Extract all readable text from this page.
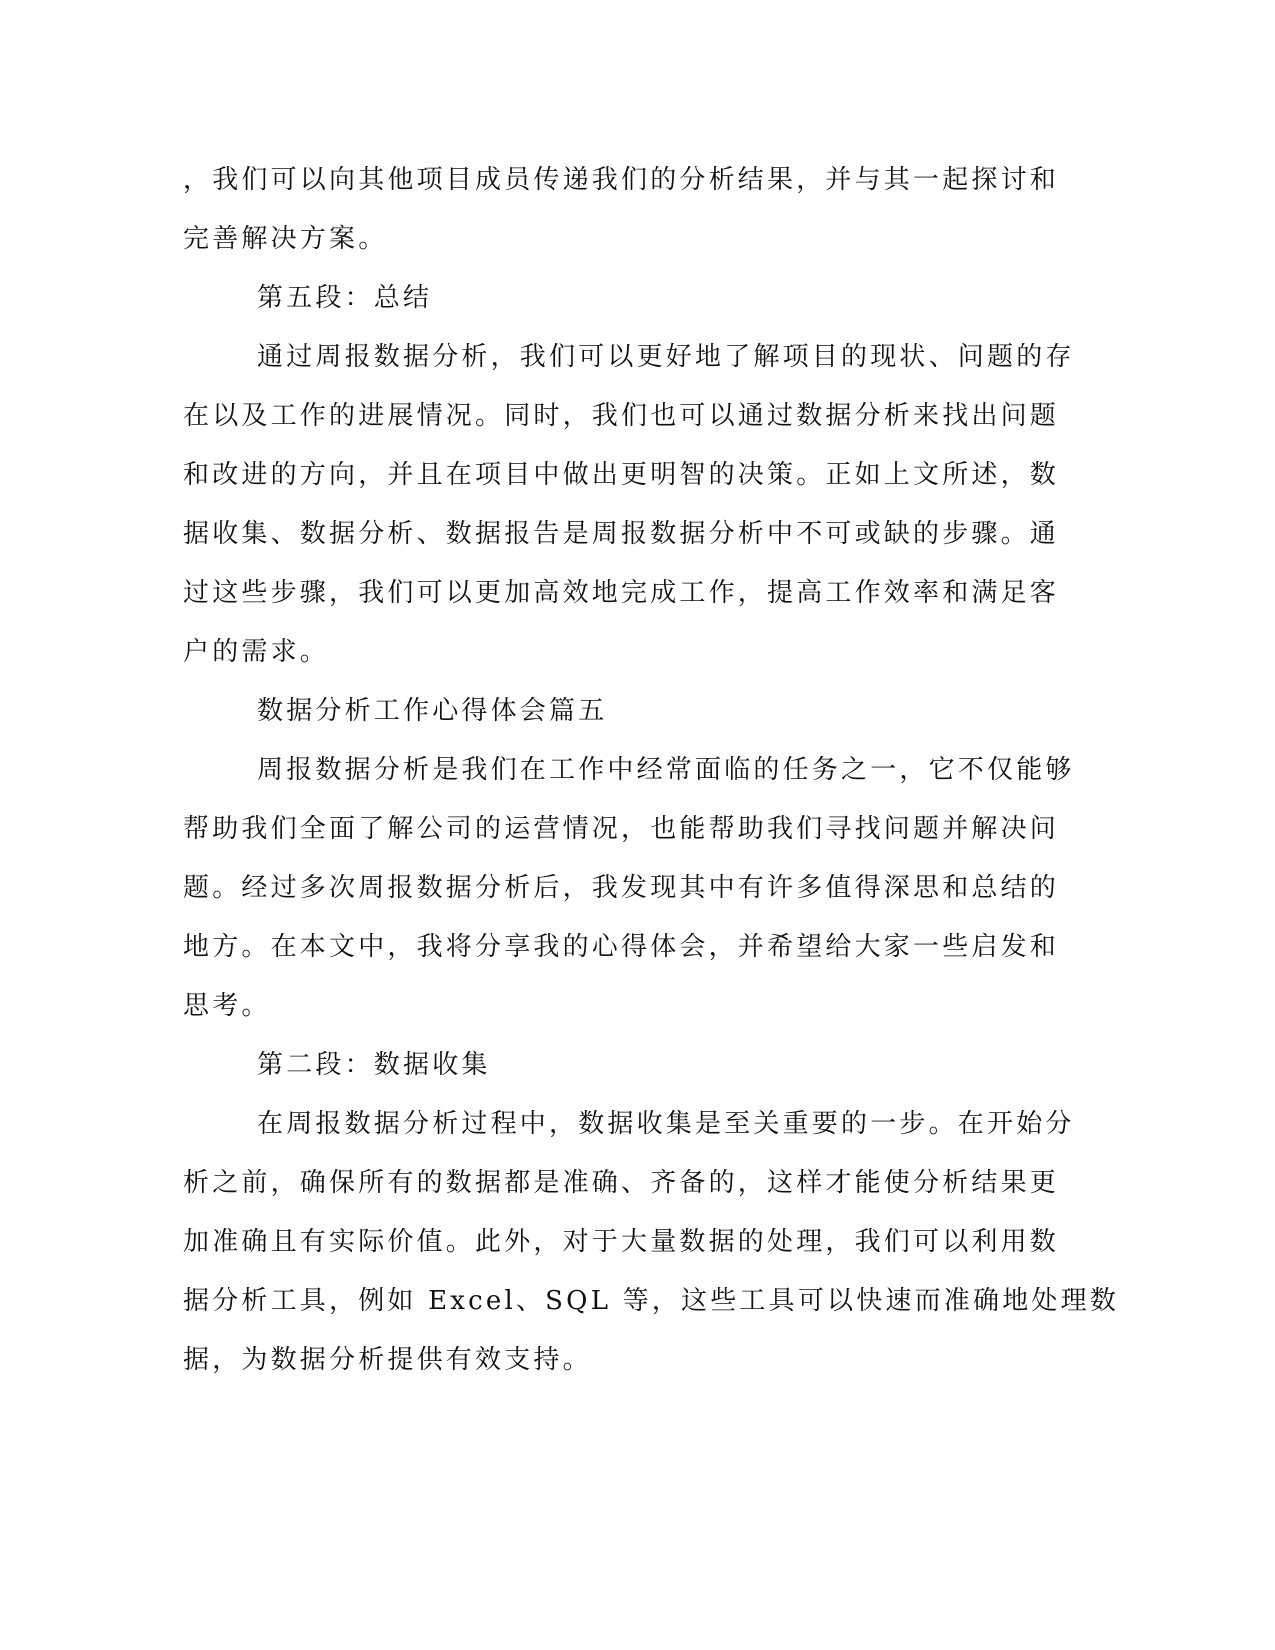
，我们可以向其他项目成员传递我们的分析结果，并与其一起探讨和
完善解决方案。
第五段：总结
通过周报数据分析，我们可以更好地了解项目的现状、问题的存
在以及工作的进展情况。同时，我们也可以通过数据分析来找出问题
和改进的方向，并且在项目中做出更明智的决策。正如上文所述，数
据收集、数据分析、数据报告是周报数据分析中不可或缺的步骤。通
过这些步骤，我们可以更加高效地完成工作，提高工作效率和满足客
户的需求。
数据分析工作心得体会篇五
周报数据分析是我们在工作中经常面临的任务之一，它不仅能够
帮助我们全面了解公司的运营情况，也能帮助我们寻找问题并解决问
题。经过多次周报数据分析后，我发现其中有许多值得深思和总结的
地方。在本文中，我将分享我的心得体会，并希望给大家一些启发和
思考。
第二段：数据收集
在周报数据分析过程中，数据收集是至关重要的一步。在开始分
析之前，确保所有的数据都是准确、齐备的，这样才能使分析结果更
加准确且有实际价值。此外，对于大量数据的处理，我们可以利用数
据分析工具，例如 Excel、SQL 等，这些工具可以快速而准确地处理数
据，为数据分析提供有效支持。
